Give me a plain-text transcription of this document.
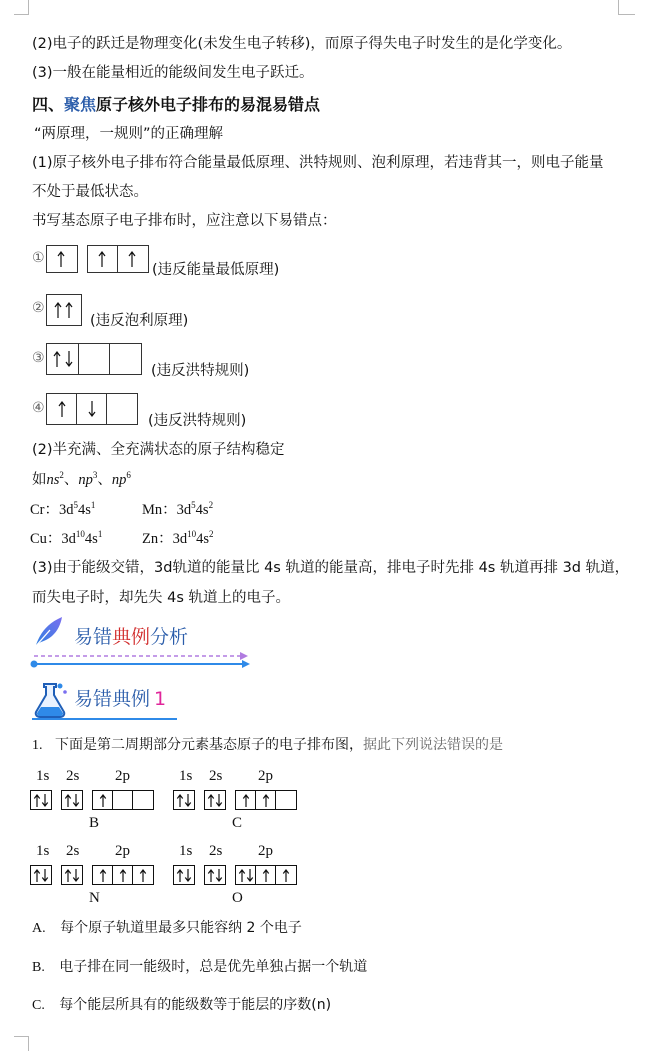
(2)电子的跃迁是物理变化(未发生电子转移)，而原子得失电子时发生的是化学变化。
(3)一般在能量相近的能级间发生电子跃迁。
四、聚焦原子核外电子排布的易混易错点
“两原理，一规则”的正确理解
(1)原子核外电子排布符合能量最低原理、洪特规则、泡利原理，若违背其一，则电子能量
不处于最低状态。
书写基态原子电子排布时，应注意以下易错点：
①
(违反能量最低原理)
②
(违反泡利原理)
③
(违反洪特规则)
④
(违反洪特规则)
(2)半充满、全充满状态的原子结构稳定
如$ns^2$、$np^3$、$np^6$
Cr：$3d^54s^1$	Mn：$3d^54s^2$
Cu：$3d^{10}4s^1$	Zn：$3d^{10}4s^2$
(3)由于能级交错，3d轨道的能量比 4s 轨道的能量高，排电子时先排 4s 轨道再排 3d 轨道，
而失电子时，却先失 4s 轨道上的电子。
易错典例分析
易错典例 1
1. 下面是第二周期部分元素基态原子的电子排布图，据此下列说法错误的是
1s 2s 2p
B
1s 2s 2p
C
1s 2s 2p
N
1s 2s 2p
O
A. 每个原子轨道里最多只能容纳 2 个电子
B. 电子排在同一能级时，总是优先单独占据一个轨道
C. 每个能层所具有的能级数等于能层的序数(n)
